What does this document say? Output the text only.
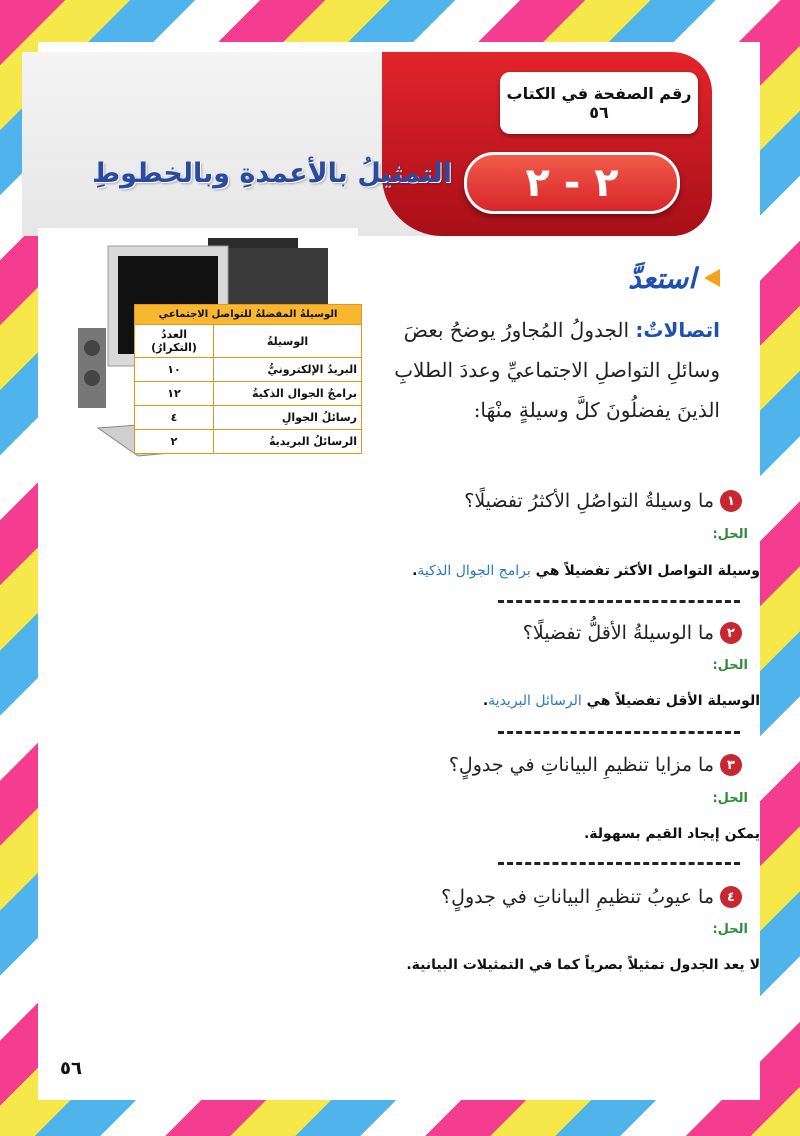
رقم الصفحة في الكتاب
٥٦
٢ - ٢
التمثيلُ بالأعمدةِ وبالخطوطِ
الوسيلةُ المفضلةُ للتواصل الاجتماعي	
الوسيلةُ	العددُ (التكرارُ)
البريدُ الإلكترونيُّ	١٠
برامجُ الجوال الذكيةُ	١٢
رسائلُ الجوالِ	٤
الرسائلُ البريديةُ	٢
استعدَّ
اتصالاتٌ: الجدولُ المُجاورُ يوضحُ بعضَ وسائلِ التواصلِ الاجتماعيِّ وعددَ الطلابِ الذينَ يفضلُونَ كلَّ وسيلةٍ منْهَا:
١
ما وسيلةُ التواصُلِ الأكثرُ تفضيلًا؟
الحل:
وسيلة التواصل الأكثر تفضيلاً هي برامج الجوال الذكية.
٢
ما الوسيلةُ الأقلُّ تفضيلًا؟
الحل:
الوسيلة الأقل تفضيلاً هي الرسائل البريدية.
٣
ما مزايا تنظيمِ البياناتِ في جدولٍ؟
الحل:
يمكن إيجاد القيم بسهولة.
٤
ما عيوبُ تنظيمِ البياناتِ في جدولٍ؟
الحل:
لا يعد الجدول تمثيلاً بصرياً كما في التمثيلات البيانية.
٥٦
